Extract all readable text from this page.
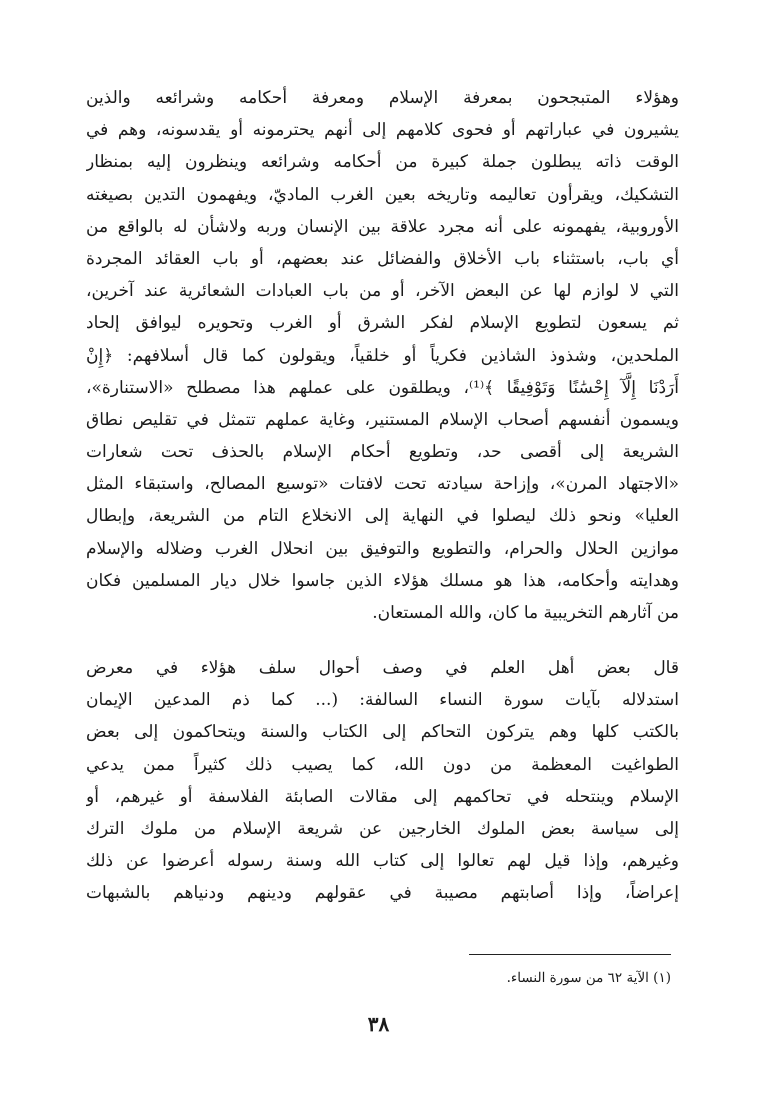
وهؤلاء المتبجحون بمعرفة الإسلام ومعرفة أحكامه وشرائعه والذين
يشيرون في عباراتهم أو فحوى كلامهم إلى أنهم يحترمونه أو يقدسونه، وهم في
الوقت ذاته يبطلون جملة كبيرة من أحكامه وشرائعه وينظرون إليه بمنظار
التشكيك، ويقرأون تعاليمه وتاريخه بعين الغرب الماديّ، ويفهمون التدين بصيغته
الأوروبية، يفهمونه على أنه مجرد علاقة بين الإنسان وربه ولاشأن له بالواقع من
أي باب، باستثناء باب الأخلاق والفضائل عند بعضهم، أو باب العقائد المجردة
التي لا لوازم لها عن البعض الآخر، أو من باب العبادات الشعائرية عند آخرين،
ثم يسعون لتطويع الإسلام لفكر الشرق أو الغرب وتحويره ليوافق إلحاد
الملحدين، وشذوذ الشاذين فكرياً أو خلقياً، ويقولون كما قال أسلافهم: ﴿إِنْ
أَرَدْنَا إِلَّآ إِحْسَٰنًا وَتَوْفِيقًا ﴾⁽¹⁾، ويطلقون على عملهم هذا مصطلح «الاستنارة»،
ويسمون أنفسهم أصحاب الإسلام المستنير، وغاية عملهم تتمثل في تقليص نطاق
الشريعة إلى أقصى حد، وتطويع أحكام الإسلام بالحذف تحت شعارات
«الاجتهاد المرن»، وإزاحة سيادته تحت لافتات «توسيع المصالح، واستبقاء المثل
العليا» ونحو ذلك ليصلوا في النهاية إلى الانخلاع التام من الشريعة، وإبطال
موازين الحلال والحرام، والتطويع والتوفيق بين انحلال الغرب وضلاله والإسلام
وهدايته وأحكامه، هذا هو مسلك هؤلاء الذين جاسوا خلال ديار المسلمين فكان
من آثارهم التخريبية ما كان، والله المستعان.
قال بعض أهل العلم في وصف أحوال سلف هؤلاء في معرض
استدلاله بآيات سورة النساء السالفة: (... كما ذم المدعين الإيمان
بالكتب كلها وهم يتركون التحاكم إلى الكتاب والسنة ويتحاكمون إلى بعض
الطواغيت المعظمة من دون الله، كما يصيب ذلك كثيراً ممن يدعي
الإسلام وينتحله في تحاكمهم إلى مقالات الصابئة الفلاسفة أو غيرهم، أو
إلى سياسة بعض الملوك الخارجين عن شريعة الإسلام من ملوك الترك
وغيرهم، وإذا قيل لهم تعالوا إلى كتاب الله وسنة رسوله أعرضوا عن ذلك
إعراضاً، وإذا أصابتهم مصيبة في عقولهم ودينهم ودنياهم بالشبهات
(١) الآية ٦٢ من سورة النساء.
٣٨
